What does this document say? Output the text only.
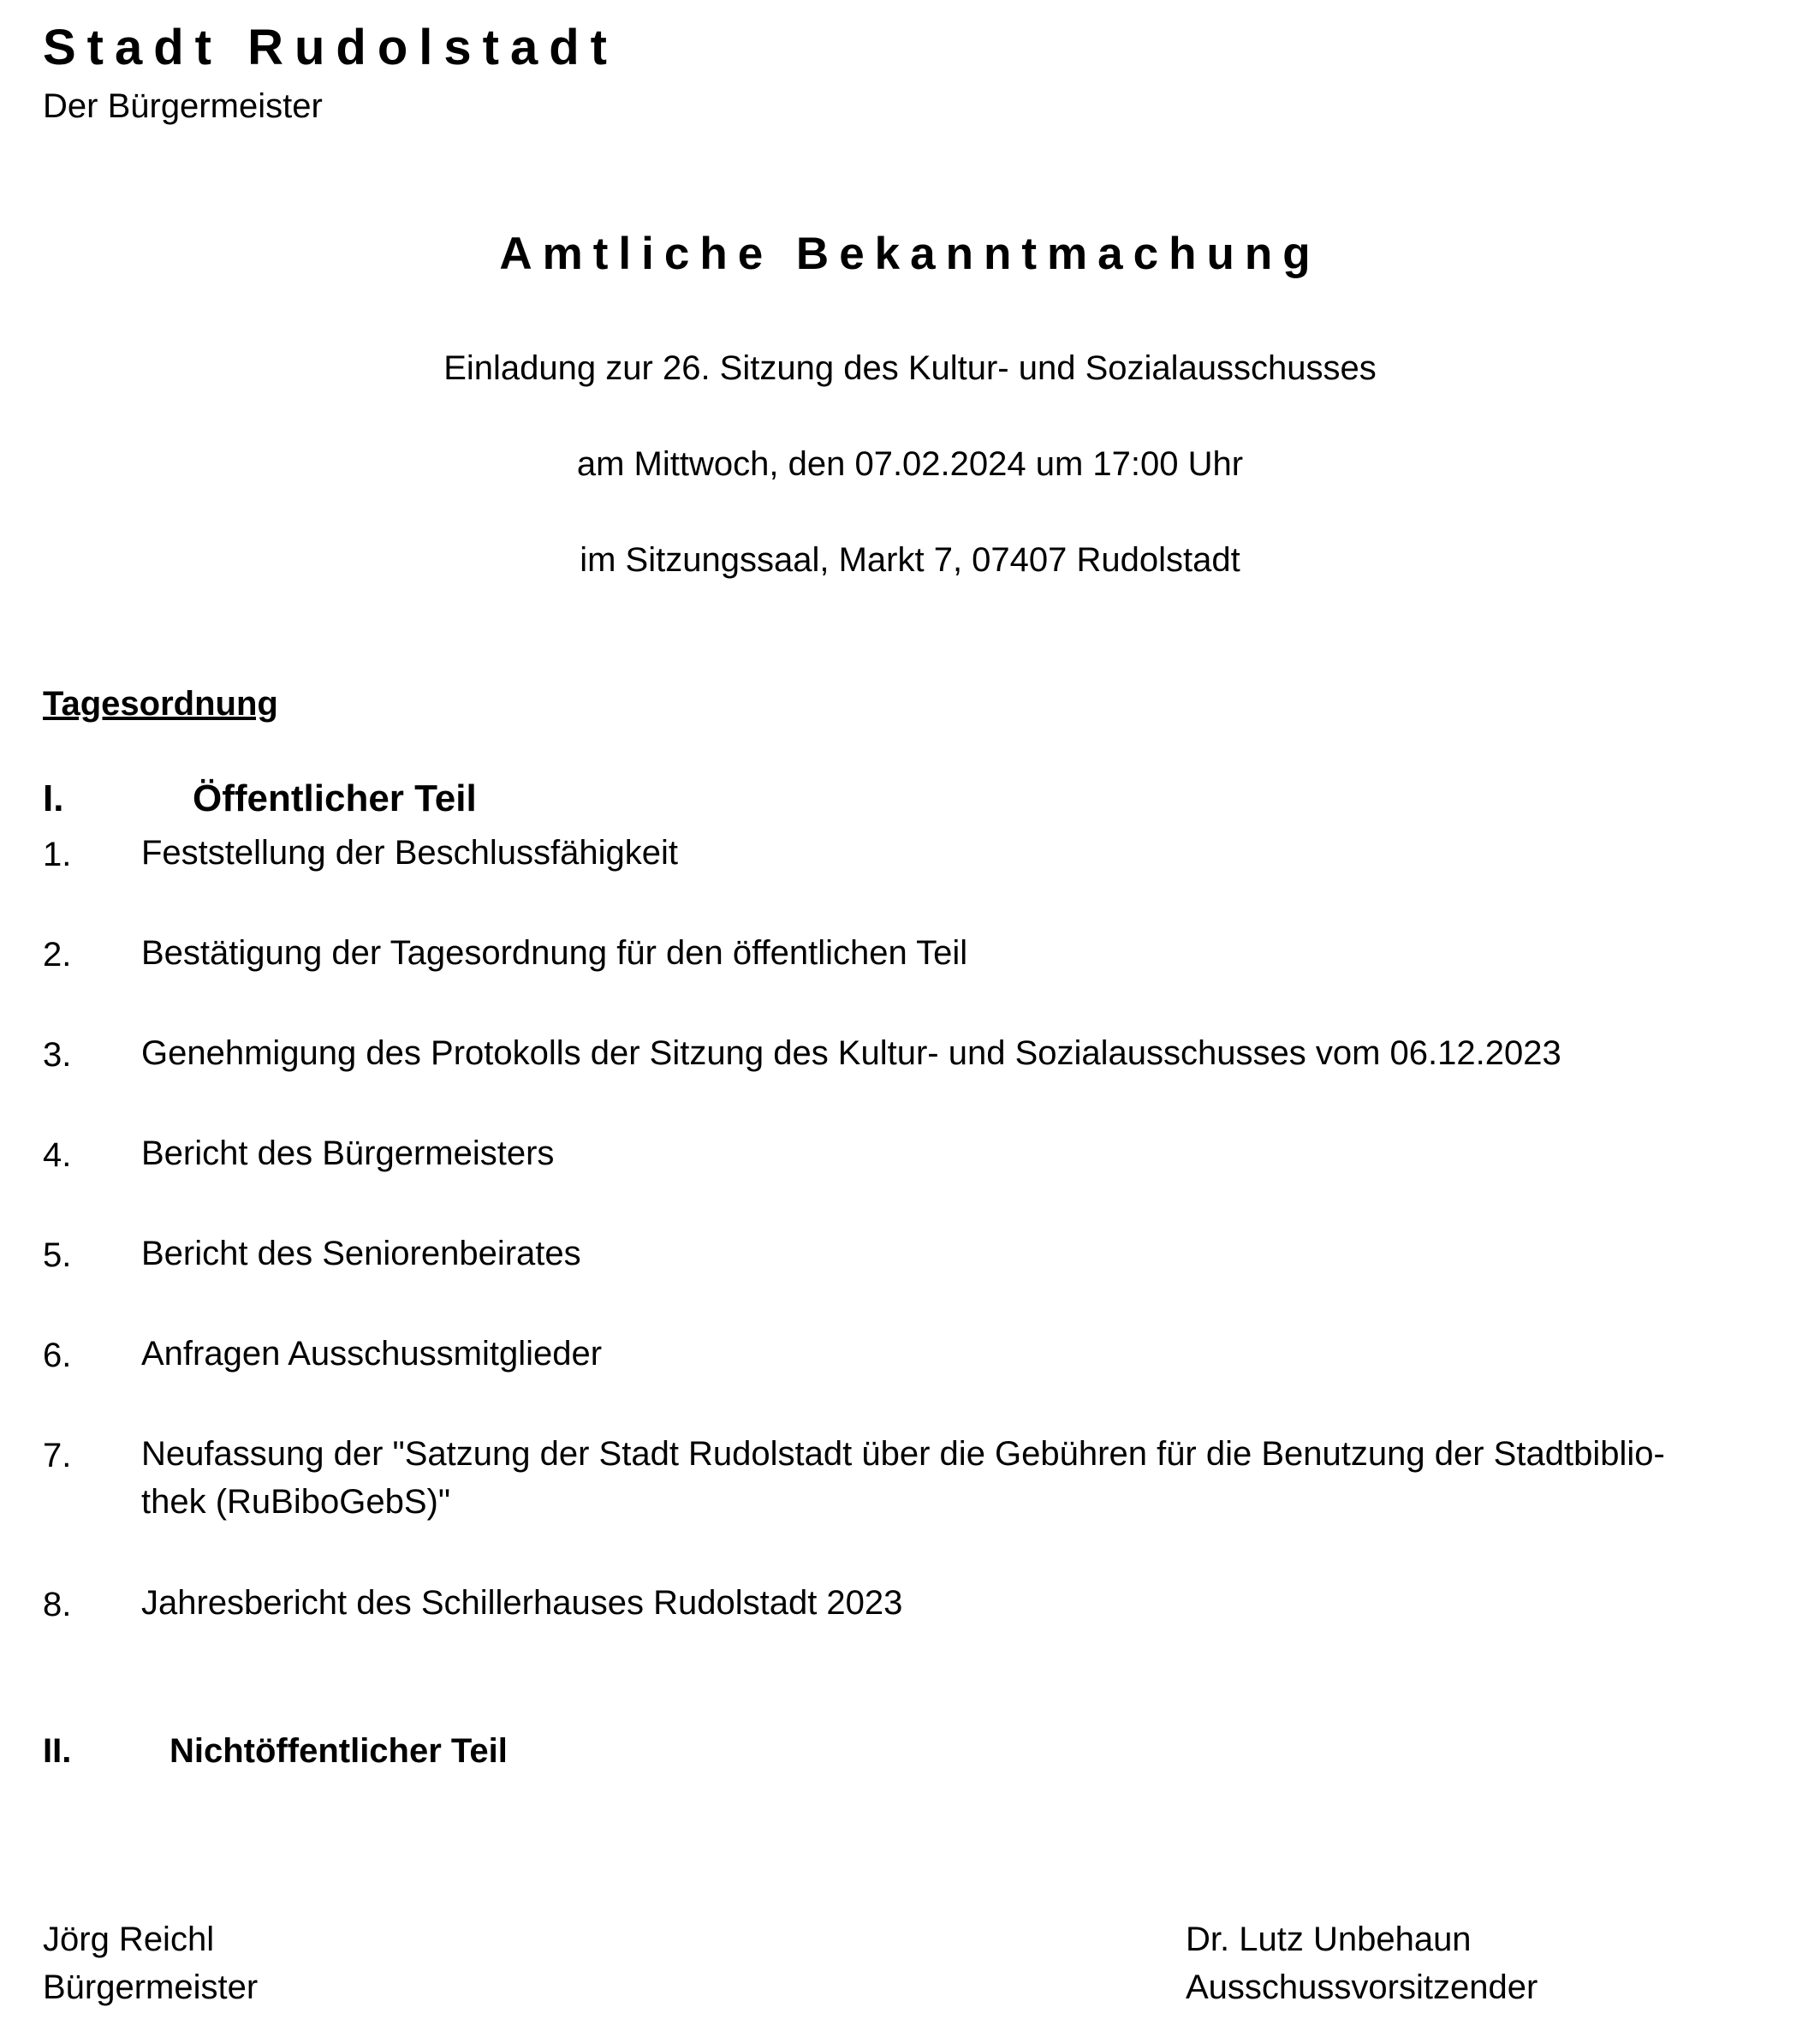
Stadt Rudolstadt
Der Bürgermeister
Amtliche Bekanntmachung
Einladung zur 26. Sitzung des Kultur- und Sozialausschusses
am Mittwoch, den 07.02.2024 um 17:00 Uhr
im Sitzungssaal, Markt 7, 07407 Rudolstadt
Tagesordnung
I.	Öffentlicher Teil
1. Feststellung der Beschlussfähigkeit
2. Bestätigung der Tagesordnung für den öffentlichen Teil
3. Genehmigung des Protokolls der Sitzung des Kultur- und Sozialausschusses vom 06.12.2023
4. Bericht des Bürgermeisters
5. Bericht des Seniorenbeirates
6. Anfragen Ausschussmitglieder
7. Neufassung der "Satzung der Stadt Rudolstadt über die Gebühren für die Benutzung der Stadtbiblio-
thek (RuBiboGebS)"
8. Jahresbericht des Schillerhauses Rudolstadt 2023
II.	Nichtöffentlicher Teil
Jörg Reichl
Bürgermeister
Dr. Lutz Unbehaun
Ausschussvorsitzender
